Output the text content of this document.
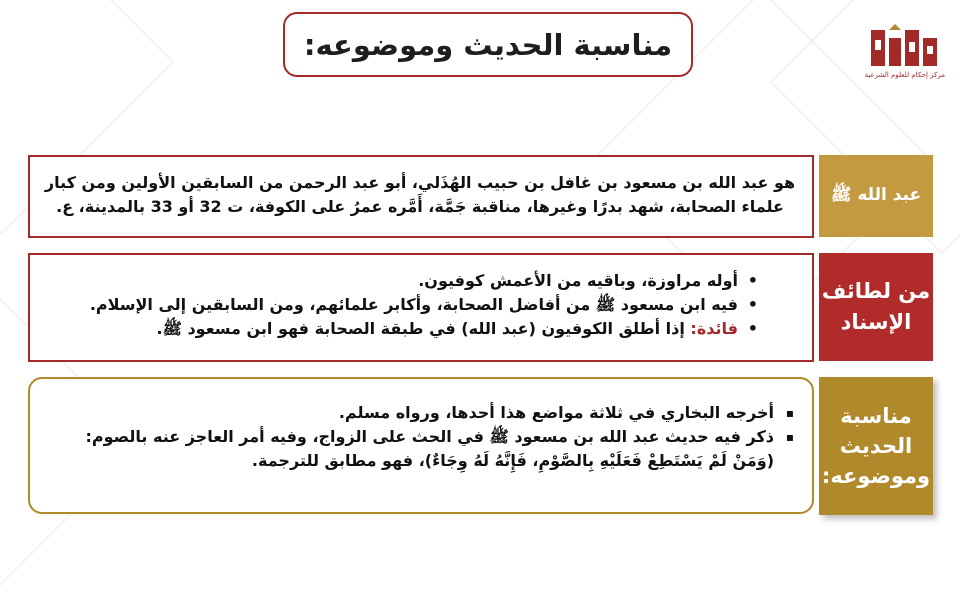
مناسبة الحديث وموضوعه:
مركز إحكام للعلوم الشرعية
هو عبد الله بن مسعود بن غافل بن حبيب الهُذَلي، أبو عبد الرحمن من السابقين الأولين ومن كبار علماء الصحابة، شهد بدرًا وغيرها، مناقبة جَمَّة، أَمَّره عمرُ على الكوفة، ت 32 أو 33 بالمدينة، ع.
عبد الله ﷺ
• أوله مراوزة، وباقيه من الأعمش كوفيون.
• فيه ابن مسعود ﷺ من أفاضل الصحابة، وأكابر علمائهم، ومن السابقين إلى الإسلام.
• فائدة: إذا أطلق الكوفيون (عبد الله) في طبقة الصحابة فهو ابن مسعود ﷺ.
من لطائف
الإسناد
▪ أخرجه البخاري في ثلاثة مواضع هذا أحدها، ورواه مسلم.
▪ ذكر فيه حديث عبد الله بن مسعود ﷺ في الحث على الزواج، وفيه أمر العاجز عنه بالصوم:
(وَمَنْ لَمْ يَسْتَطِعْ فَعَلَيْهِ بِالصَّوْمِ، فَإِنَّهُ لَهُ وِجَاءٌ)، فهو مطابق للترجمة.
مناسبة
الحديث
وموضوعه:
